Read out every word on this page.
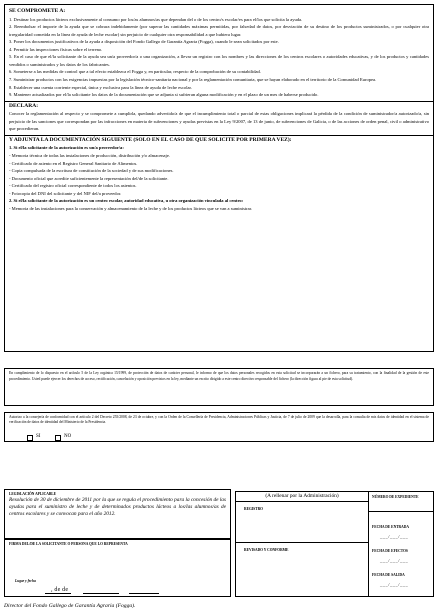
SE COMPROMETE A:

1. Destinar los productos lácteos exclusivamente al consumo por los/as alumnos/as que dependan del o de los centro/s escolar/es para el/los que solicita la ayuda.

2. Reembolsar el importe de la ayuda que se cobrara indebidamente (por superar las cantidades máximas permitidas, por falsedad de datos, por desviación de su destino de los productos suministrados, o por cualquier otra irregularidad cometida en la línea de ayuda de leche escolar) sin perjuicio de cualquier otra responsabilidad a que hubiera lugar.

3. Poner los documentos justificativos de la ayuda a disposición del Fondo Gallego de Garantía Agraria (Fogga), cuando le sean solicitados por este.

4. Permitir las inspecciones físicas sobre el terreno.

5. En el caso de que el/la solicitante de la ayuda sea un/a proveedor/a o una organización, a llevar un registro con los nombres y las direcciones de los centros escolares o autoridades educativas, y de los productos y cantidades vendidos o suministrados y los datos de los fabricantes.

6. Someterse a las medidas de control que a tal efecto establezca el Fogga y, en particular, respecto de la comprobación de su contabilidad.

7. Suministrar productos con las exigencias impuestas por la legislación técnico-sanitaria nacional y por la reglamentación comunitaria, que se hayan elaborado en el territorio de la Comunidad Europea.

8. Establecer una cuenta corriente especial, única y exclusiva para la línea de ayuda de leche escolar.

9. Mantener actualizados por el/la solicitante los datos de la documentación que se adjunta si sufrieran alguna modificación y en el plazo de un mes de haberse producido.

DECLARA:

Conocer la reglamentación al respecto y se compromete a cumplirla, quedando advertido/a de que el incumplimiento total o parcial de estas obligaciones implicará la pérdida de la condición de suministrador/a autorizado/a, sin perjuicio de las sanciones que correspondan por las infracciones en materia de subvenciones y ayudas previstas en la Ley 9/2007, de 13 de junio, de subvenciones de Galicia, o de las acciones de orden penal, civil o administrativo que procedieran.

Y ADJUNTA LA DOCUMENTACIÓN SIGUIENTE (SOLO EN EL CASO DE QUE SOLICITE POR PRIMERA VEZ):

1. Si el/la solicitante de la autorización es un/a proveedor/a:

- Memoria técnica de todas las instalaciones de producción, distribución y/o almacenaje.

- Certificado de asiento en el Registro General Sanitario de Alimentos.

- Copia compulsada de la escritura de constitución de la sociedad y de sus modificaciones.

- Documento oficial que acredite suficientemente la representación del/de la solicitante.

- Certificado del registro oficial correspondiente de todos los asientos.

- Fotocopia del DNI del solicitante y del NIF del/a proveedor.

2. Si el/la solicitante de la autorización es un centro escolar, autoridad educativa, u otra organización vinculada al centro:

- Memoria de las instalaciones para la conservación y almacenamiento de la leche y de los productos lácteos que se van a suministrar.

En cumplimiento de lo dispuesto en el artículo 5 de la Ley orgánica 15/1999, de protección de datos de carácter personal, le informo de que los datos personales recogidos en esta solicitud se incorporarán a un fichero, para su tratamiento, con la finalidad de la gestión de este procedimiento. Usted puede ejercer los derechos de acceso, rectificación, cancelación y oposición previstos en la ley, mediante un escrito dirigido a este centro directivo responsable del fichero (la dirección figura al pie de esta solicitud).

Autorizo a la consejería de conformidad con el artículo 2 del Decreto 255/2008, de 23 de octubre, y con la Orden de la Consellería de Presidencia, Administraciones Públicas y Justicia, de 7 de julio de 2009 que la desarrolla, para la consulta de mis datos de identidad en el sistema de verificación de datos de identidad del Ministerio de la Presidencia.

SI	NO
LEGISLACIÓN APLICABLE
Resolución de 30 de diciembre de 2011 por la que se regula el procedimiento para la concesión de las ayudas para el suministro de leche y de determinados productos lácteos a los/las alumnos/as de centros escolares y se convocan para el año 2012.
FIRMA DEL/DE LA SOLICITANTE O PERSONA QUE LO REPRESENTA
Lugar y fecha
, de de
(A rellenar por la Administración)
REGISTRO
REVISADO Y CONFORME
NÚMERO DE EXPEDIENTE
FECHA DE ENTRADA
___/___/___
FECHA DE EFECTOS
___/___/___
FECHA DE SALIDA
___/___/___
Director del Fondo Gallego de Garantía Agraria (Fogga).
